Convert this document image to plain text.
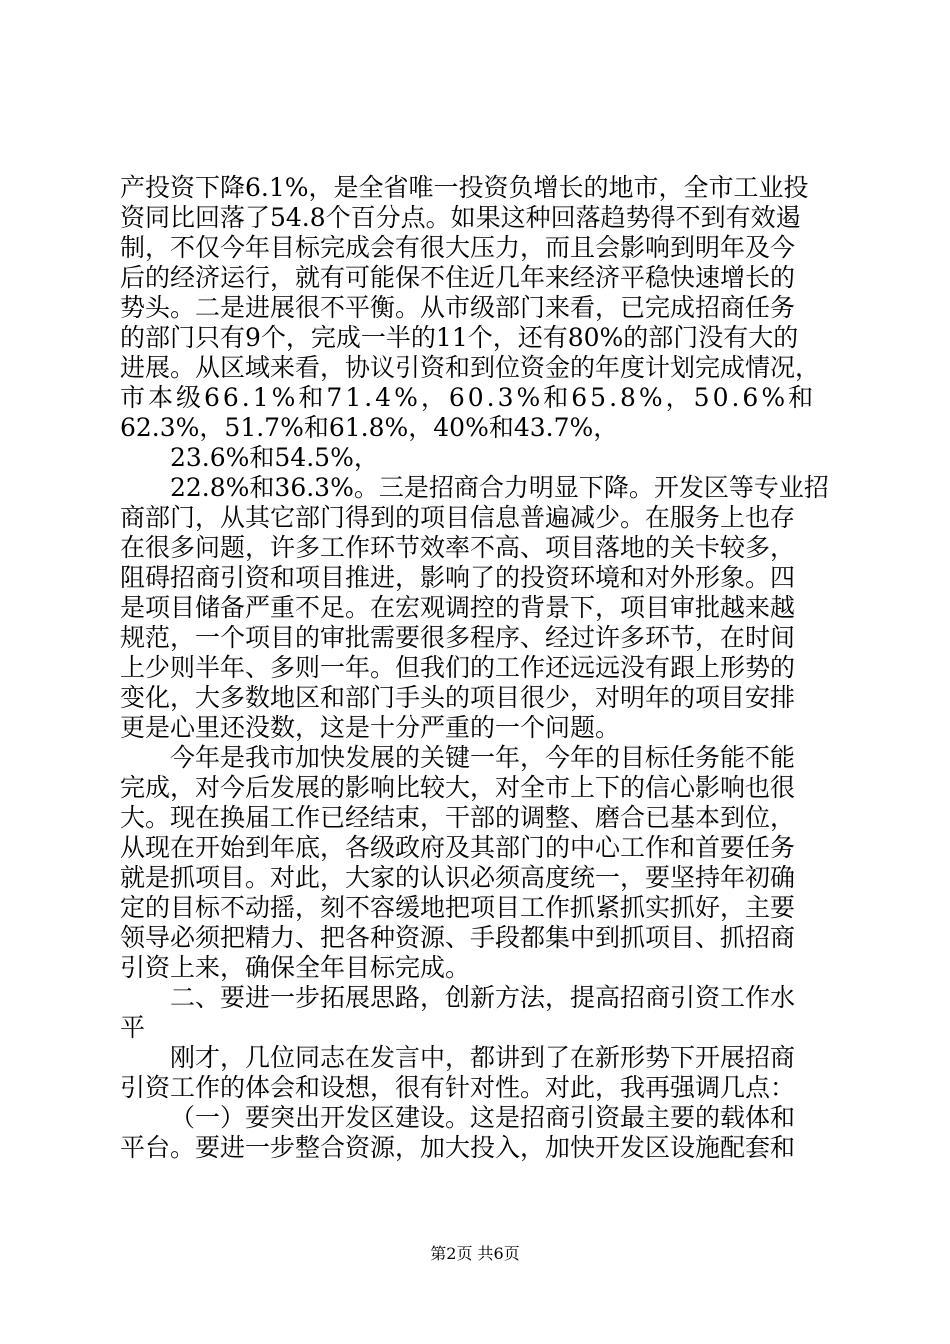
产投资下降6.1%，是全省唯一投资负增长的地市，全市工业投
资同比回落了54.8个百分点。如果这种回落趋势得不到有效遏
制，不仅今年目标完成会有很大压力，而且会影响到明年及今
后的经济运行，就有可能保不住近几年来经济平稳快速增长的
势头。二是进展很不平衡。从市级部门来看，已完成招商任务
的部门只有9个，完成一半的11个，还有80%的部门没有大的
进展。从区域来看，协议引资和到位资金的年度计划完成情况，
市本级66.1%和71.4%，60.3%和65.8%，50.6%和
62.3%，51.7%和61.8%，40%和43.7%，
23.6%和54.5%，
22.8%和36.3%。三是招商合力明显下降。开发区等专业招
商部门，从其它部门得到的项目信息普遍减少。在服务上也存
在很多问题，许多工作环节效率不高、项目落地的关卡较多，
阻碍招商引资和项目推进，影响了的投资环境和对外形象。四
是项目储备严重不足。在宏观调控的背景下，项目审批越来越
规范，一个项目的审批需要很多程序、经过许多环节，在时间
上少则半年、多则一年。但我们的工作还远远没有跟上形势的
变化，大多数地区和部门手头的项目很少，对明年的项目安排
更是心里还没数，这是十分严重的一个问题。
今年是我市加快发展的关键一年，今年的目标任务能不能
完成，对今后发展的影响比较大，对全市上下的信心影响也很
大。现在换届工作已经结束，干部的调整、磨合已基本到位，
从现在开始到年底，各级政府及其部门的中心工作和首要任务
就是抓项目。对此，大家的认识必须高度统一，要坚持年初确
定的目标不动摇，刻不容缓地把项目工作抓紧抓实抓好，主要
领导必须把精力、把各种资源、手段都集中到抓项目、抓招商
引资上来，确保全年目标完成。
二、要进一步拓展思路，创新方法，提高招商引资工作水
平
刚才，几位同志在发言中，都讲到了在新形势下开展招商
引资工作的体会和设想，很有针对性。对此，我再强调几点：
（一）要突出开发区建设。这是招商引资最主要的载体和
平台。要进一步整合资源，加大投入，加快开发区设施配套和
第2页 共6页
